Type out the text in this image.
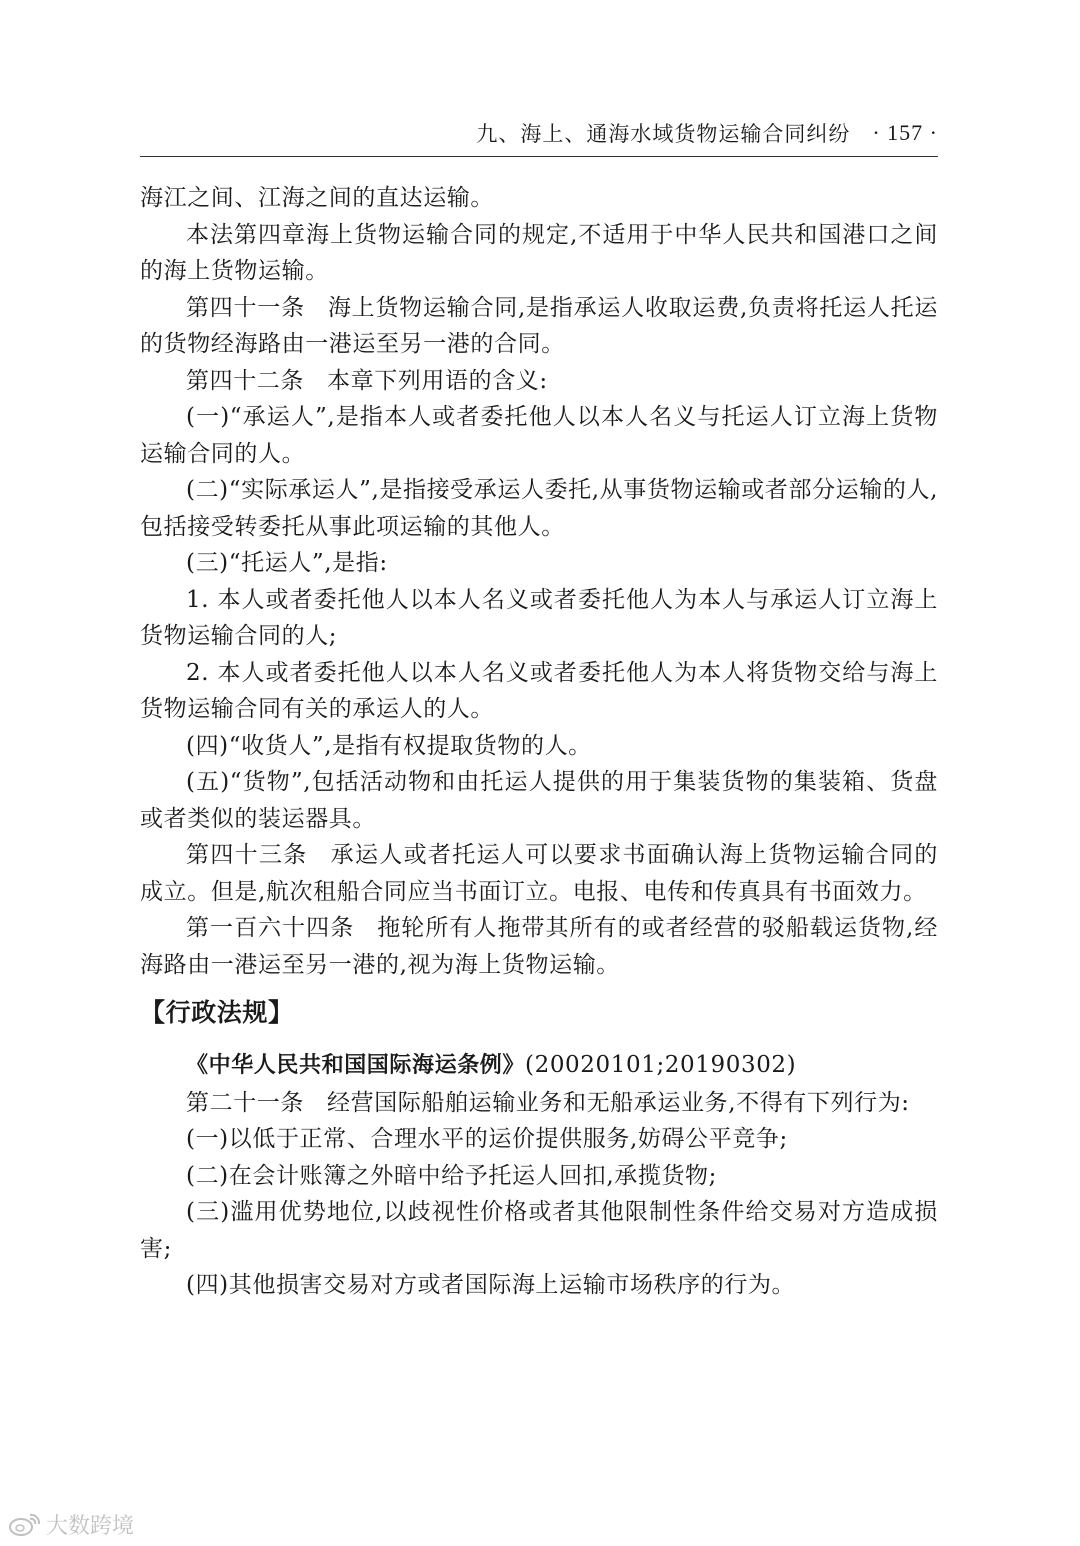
九、海上、通海水域货物运输合同纠纷 · 157 ·

海江之间、江海之间的直达运输。

本法第四章海上货物运输合同的规定,不适用于中华人民共和国港口之间的海上货物运输。

第四十一条 海上货物运输合同,是指承运人收取运费,负责将托运人托运的货物经海路由一港运至另一港的合同。

第四十二条 本章下列用语的含义:

(一)“承运人”,是指本人或者委托他人以本人名义与托运人订立海上货物运输合同的人。

(二)“实际承运人”,是指接受承运人委托,从事货物运输或者部分运输的人,包括接受转委托从事此项运输的其他人。

(三)“托运人”,是指:

1. 本人或者委托他人以本人名义或者委托他人为本人与承运人订立海上货物运输合同的人;

2. 本人或者委托他人以本人名义或者委托他人为本人将货物交给与海上货物运输合同有关的承运人的人。

(四)“收货人”,是指有权提取货物的人。

(五)“货物”,包括活动物和由托运人提供的用于集装货物的集装箱、货盘或者类似的装运器具。

第四十三条 承运人或者托运人可以要求书面确认海上货物运输合同的成立。但是,航次租船合同应当书面订立。电报、电传和传真具有书面效力。

第一百六十四条 拖轮所有人拖带其所有的或者经营的驳船载运货物,经海路由一港运至另一港的,视为海上货物运输。

【行政法规】

《中华人民共和国国际海运条例》(20020101;20190302)

第二十一条 经营国际船舶运输业务和无船承运业务,不得有下列行为:

(一)以低于正常、合理水平的运价提供服务,妨碍公平竞争;

(二)在会计账簿之外暗中给予托运人回扣,承揽货物;

(三)滥用优势地位,以歧视性价格或者其他限制性条件给交易对方造成损害;

(四)其他损害交易对方或者国际海上运输市场秩序的行为。

大数跨境
